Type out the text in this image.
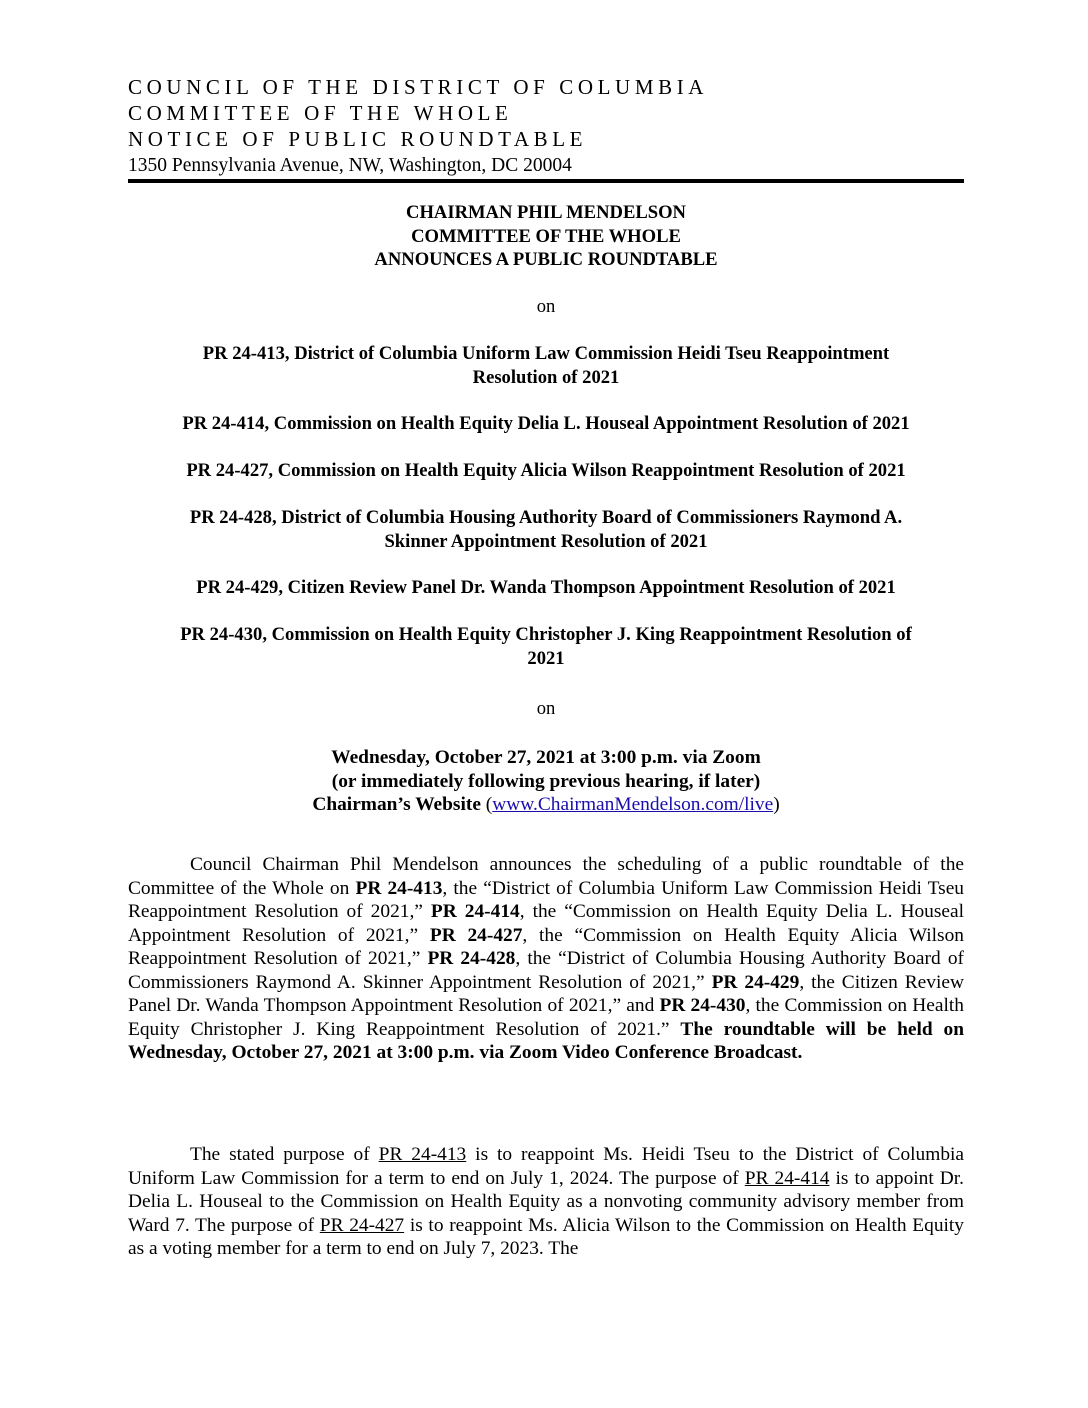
COUNCIL OF THE DISTRICT OF COLUMBIA
COMMITTEE OF THE WHOLE
NOTICE OF PUBLIC ROUNDTABLE
1350 Pennsylvania Avenue, NW, Washington, DC 20004
CHAIRMAN PHIL MENDELSON
COMMITTEE OF THE WHOLE
ANNOUNCES A PUBLIC ROUNDTABLE
on
PR 24-413, District of Columbia Uniform Law Commission Heidi Tseu Reappointment
Resolution of 2021
PR 24-414, Commission on Health Equity Delia L. Houseal Appointment Resolution of 2021
PR 24-427, Commission on Health Equity Alicia Wilson Reappointment Resolution of 2021
PR 24-428, District of Columbia Housing Authority Board of Commissioners Raymond A.
Skinner Appointment Resolution of 2021
PR 24-429, Citizen Review Panel Dr. Wanda Thompson Appointment Resolution of 2021
PR 24-430, Commission on Health Equity Christopher J. King Reappointment Resolution of
2021
on
Wednesday, October 27, 2021 at 3:00 p.m. via Zoom
(or immediately following previous hearing, if later)
Chairman’s Website (www.ChairmanMendelson.com/live)
Council Chairman Phil Mendelson announces the scheduling of a public roundtable of the Committee of the Whole on PR 24-413, the “District of Columbia Uniform Law Commission Heidi Tseu Reappointment Resolution of 2021,” PR 24-414, the “Commission on Health Equity Delia L. Houseal Appointment Resolution of 2021,” PR 24-427, the “Commission on Health Equity Alicia Wilson Reappointment Resolution of 2021,” PR 24-428, the “District of Columbia Housing Authority Board of Commissioners Raymond A. Skinner Appointment Resolution of 2021,” PR 24-429, the Citizen Review Panel Dr. Wanda Thompson Appointment Resolution of 2021,” and PR 24-430, the Commission on Health Equity Christopher J. King Reappointment Resolution of 2021.” The roundtable will be held on Wednesday, October 27, 2021 at 3:00 p.m. via Zoom Video Conference Broadcast.
The stated purpose of PR 24-413 is to reappoint Ms. Heidi Tseu to the District of Columbia Uniform Law Commission for a term to end on July 1, 2024. The purpose of PR 24-414 is to appoint Dr. Delia L. Houseal to the Commission on Health Equity as a nonvoting community advisory member from Ward 7. The purpose of PR 24-427 is to reappoint Ms. Alicia Wilson to the Commission on Health Equity as a voting member for a term to end on July 7, 2023. The
